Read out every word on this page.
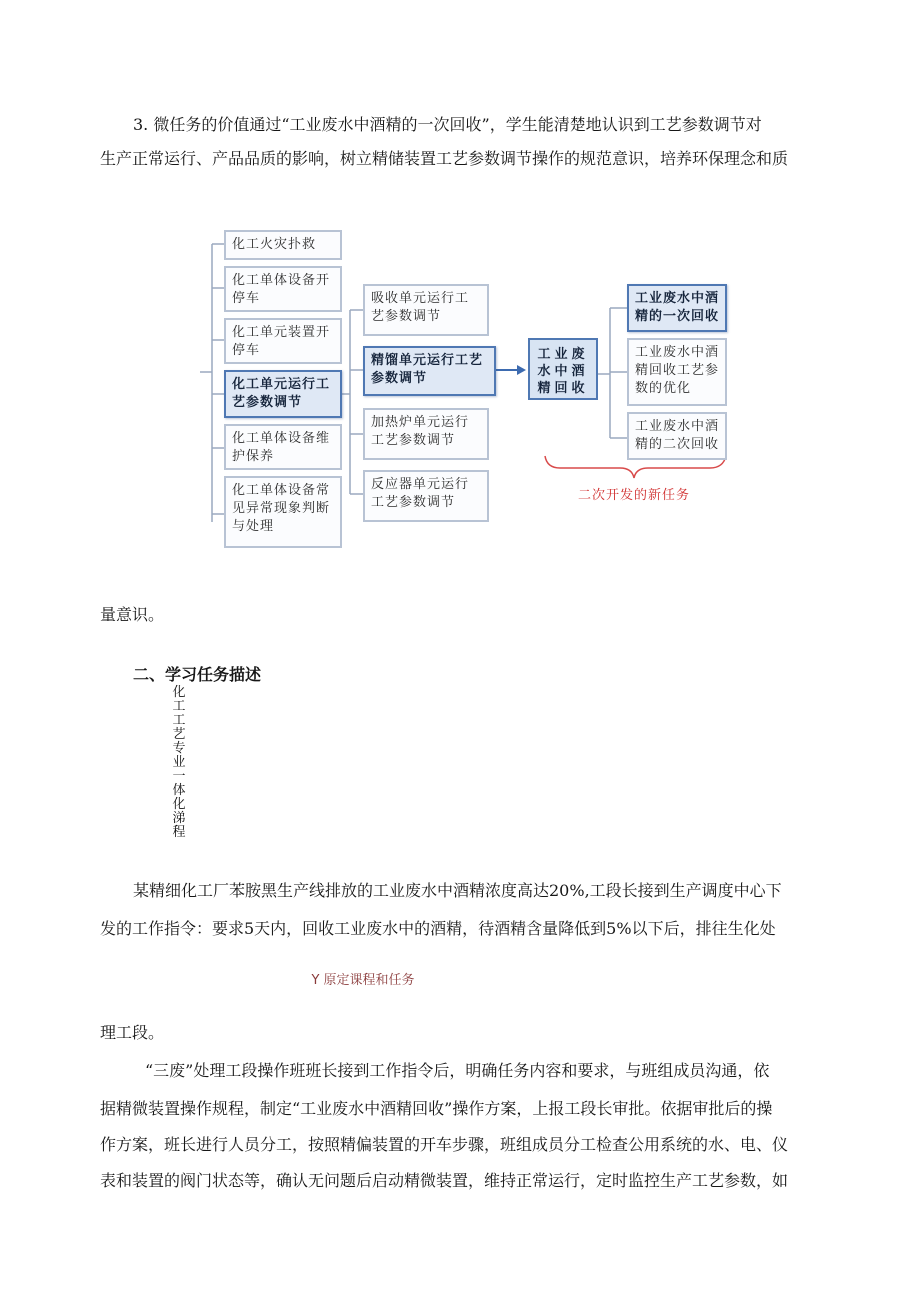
3. 微任务的价值通过“工业废水中酒精的一次回收”，学生能清楚地认识到工艺参数调节对
生产正常运行、产品品质的影响，树立精储装置工艺参数调节操作的规范意识，培养环保理念和质
化工火灾扑救
化工单体设备开停车
化工单元装置开停车
化工单元运行工艺参数调节
化工单体设备维护保养
化工单体设备常见异常现象判断与处理
吸收单元运行工艺参数调节
精馏单元运行工艺参数调节
加热炉单元运行工艺参数调节
反应器单元运行工艺参数调节
工业废水中酒精回收
工业废水中酒精的一次回收
工业废水中酒精回收工艺参数的优化
工业废水中酒精的二次回收
二次开发的新任务
量意识。
二、学习任务描述
化工工艺专业一体化涕程
某精细化工厂苯胺黑生产线排放的工业废水中酒精浓度高达20%,工段长接到生产调度中心下
发的工作指令：要求5天内，回收工业废水中的酒精，待酒精含量降低到5%以下后，排往生化处
Y 原定课程和任务
理工段。
“三废”处理工段操作班班长接到工作指令后，明确任务内容和要求，与班组成员沟通，依
据精微装置操作规程，制定“工业废水中酒精回收”操作方案，上报工段长审批。依据审批后的操
作方案，班长进行人员分工，按照精偏装置的开车步骤，班组成员分工检查公用系统的水、电、仪
表和装置的阀门状态等，确认无问题后启动精微装置，维持正常运行，定时监控生产工艺参数，如
